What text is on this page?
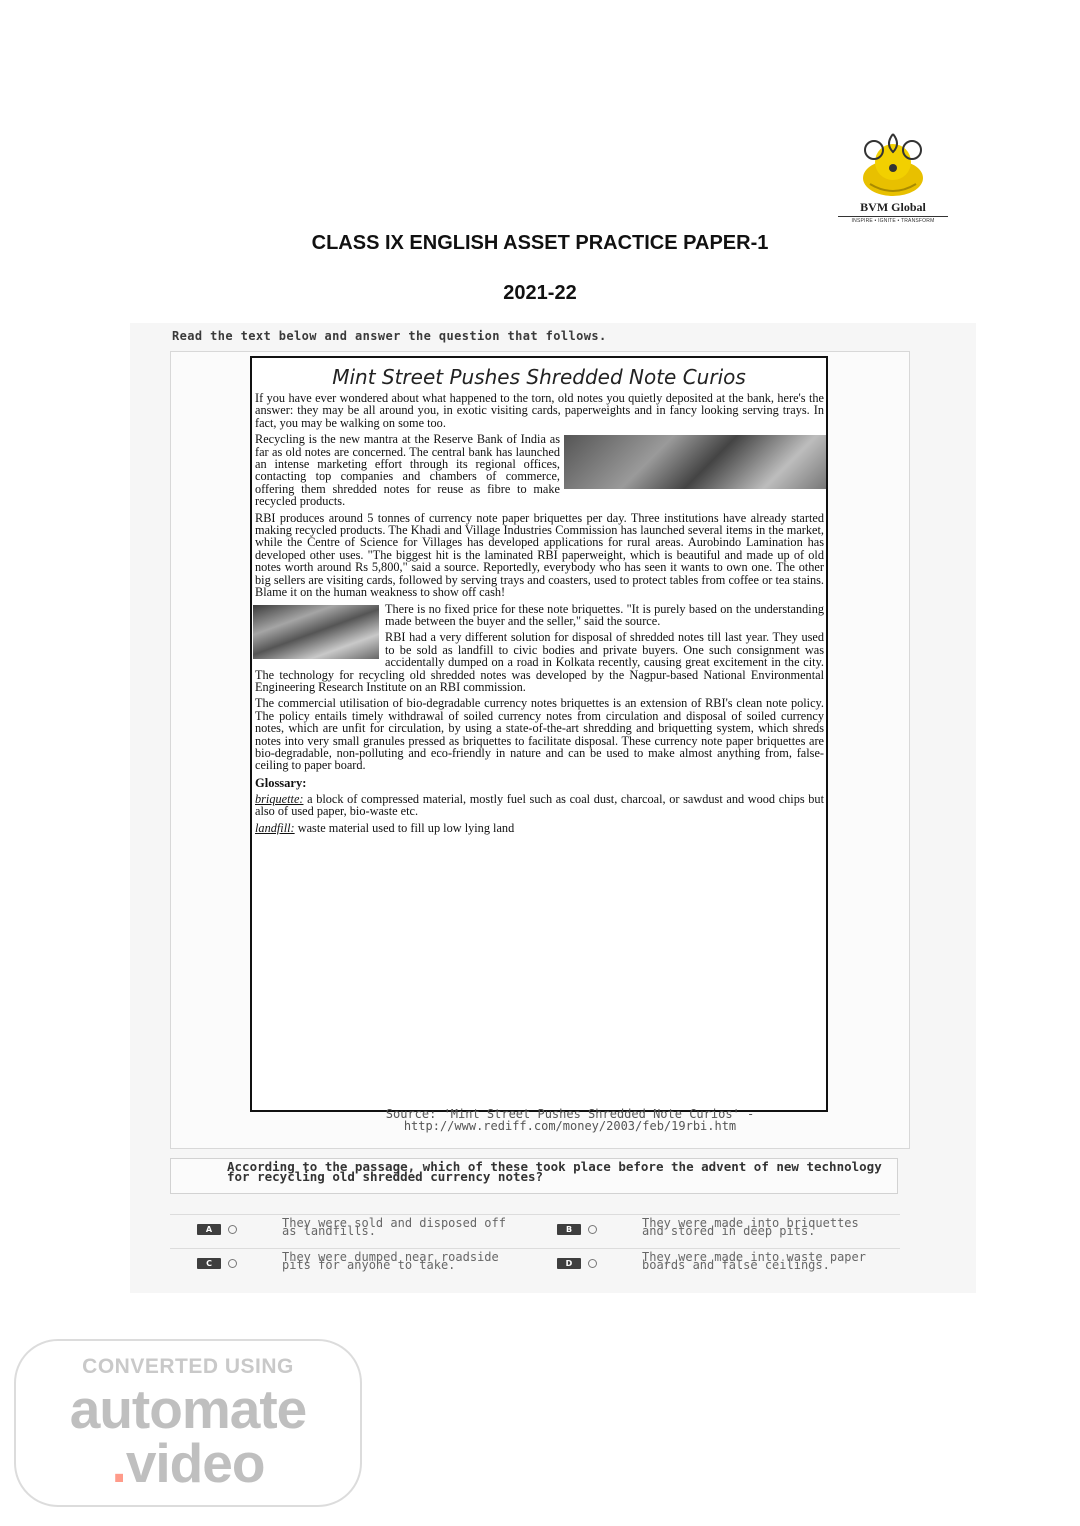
BVM Global
INSPIRE • IGNITE • TRANSFORM
CLASS IX ENGLISH ASSET PRACTICE PAPER-1
2021-22
Read the text below and answer the question that follows.
Mint Street Pushes Shredded Note Curios

If you have ever wondered about what happened to the torn, old notes you quietly deposited at the bank, here's the answer: they may be all around you, in exotic visiting cards, paperweights and in fancy looking serving trays. In fact, you may be walking on some too.

Recycling is the new mantra at the Reserve Bank of India as far as old notes are concerned. The central bank has launched an intense marketing effort through its regional offices, contacting top companies and chambers of commerce, offering them shredded notes for reuse as fibre to make recycled products.

RBI produces around 5 tonnes of currency note paper briquettes per day. Three institutions have already started making recycled products. The Khadi and Village Industries Commission has launched several items in the market, while the Centre of Science for Villages has developed applications for rural areas. Aurobindo Lamination has developed other uses. "The biggest hit is the laminated RBI paperweight, which is beautiful and made up of old notes worth around Rs 5,800," said a source. Reportedly, everybody who has seen it wants to own one. The other big sellers are visiting cards, followed by serving trays and coasters, used to protect tables from coffee or tea stains. Blame it on the human weakness to show off cash!

There is no fixed price for these note briquettes. "It is purely based on the understanding made between the buyer and the seller," said the source.

RBI had a very different solution for disposal of shredded notes till last year. They used to be sold as landfill to civic bodies and private buyers. One such consignment was accidentally dumped on a road in Kolkata recently, causing great excitement in the city. The technology for recycling old shredded notes was developed by the Nagpur-based National Environmental Engineering Research Institute on an RBI commission.

The commercial utilisation of bio-degradable currency notes briquettes is an extension of RBI's clean note policy. The policy entails timely withdrawal of soiled currency notes from circulation and disposal of soiled currency notes, which are unfit for circulation, by using a state-of-the-art shredding and briquetting system, which shreds notes into very small granules pressed as briquettes to facilitate disposal. These currency note paper briquettes are bio-degradable, non-polluting and eco-friendly in nature and can be used to make almost anything from, false-ceiling to paper board.

Glossary:

briquette: a block of compressed material, mostly fuel such as coal dust, charcoal, or sawdust and wood chips but also of used paper, bio-waste etc.

landfill: waste material used to fill up low lying land

Source: 'Mint Street Pushes Shredded Note Curios' - http://www.rediff.com/money/2003/feb/19rbi.htm
According to the passage, which of these took place before the advent of new technology for recycling old shredded currency notes?
A	They were sold and disposed off as landfills.	B	They were made into briquettes and stored in deep pits.
C	They were dumped near roadside pits for anyone to take.	D	They were made into waste paper boards and false ceilings.
CONVERTED USING
automate
.video
